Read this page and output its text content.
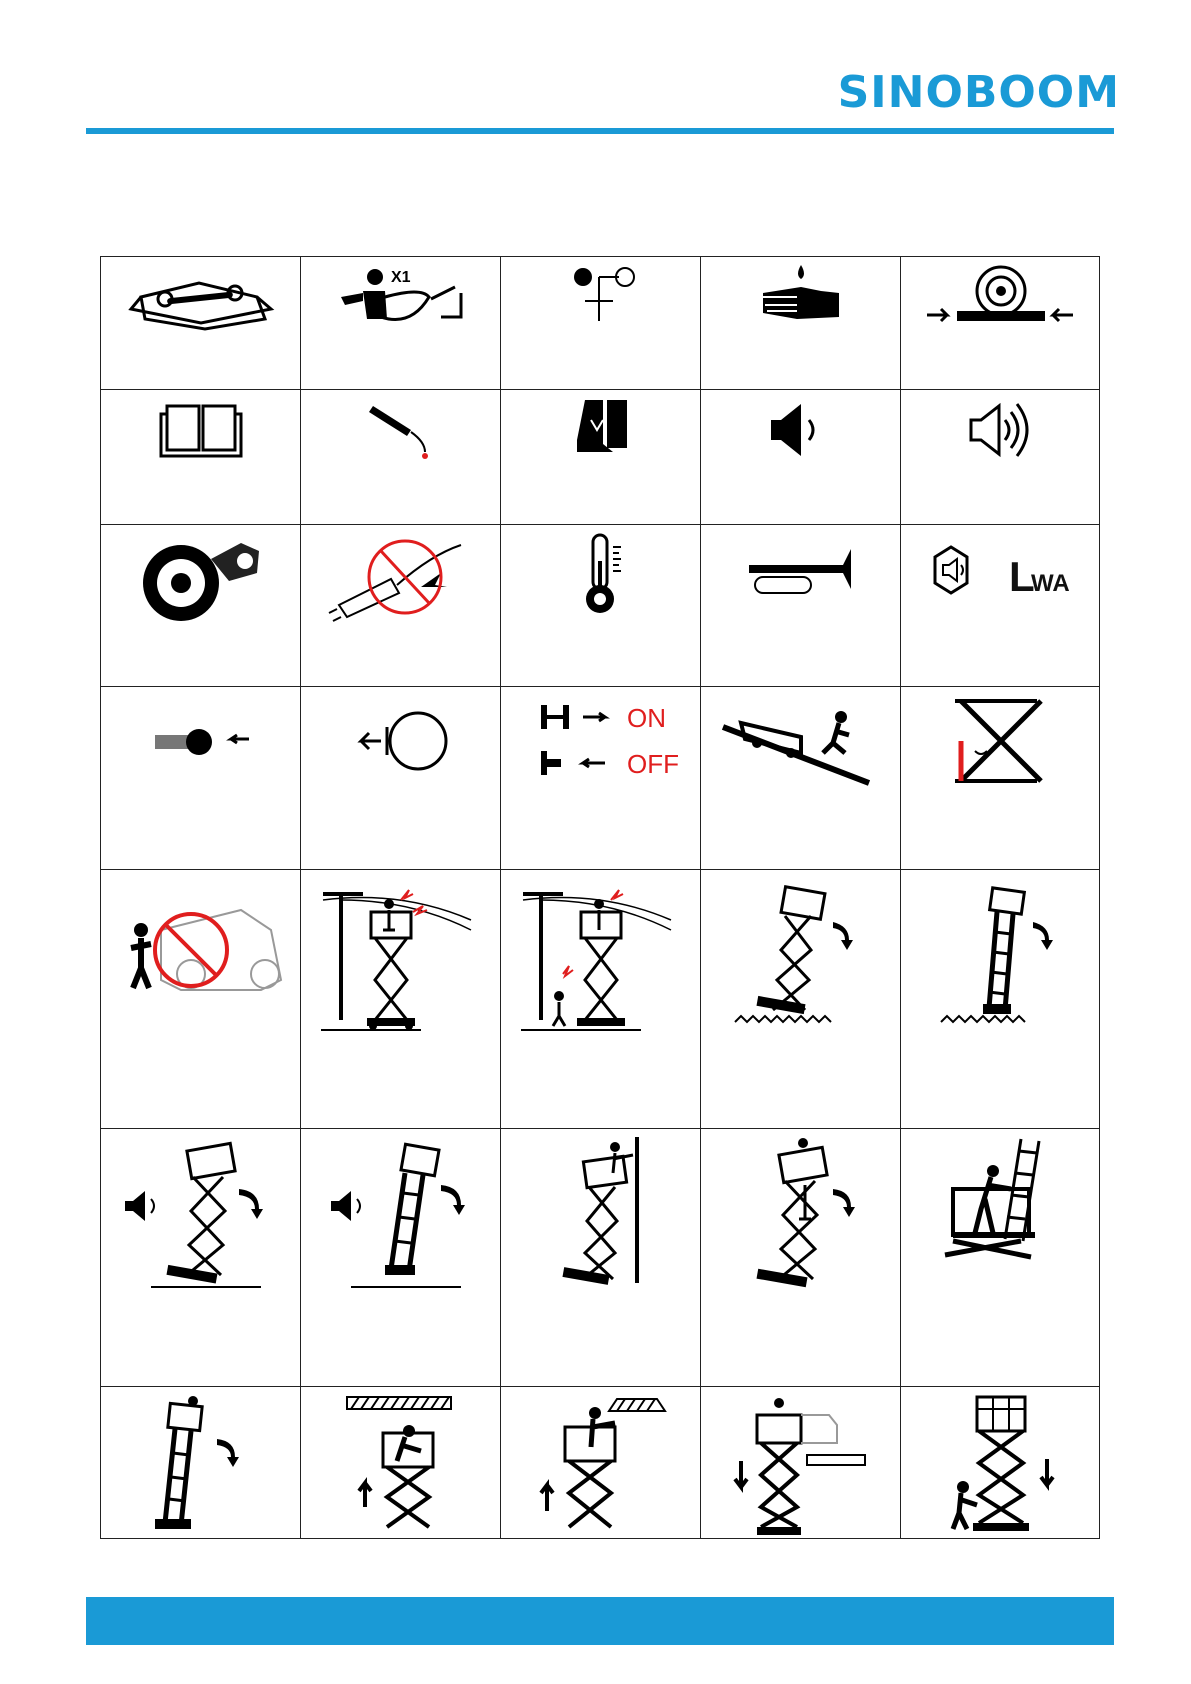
SINOBOOM

X1

L
WA

ON
OFF
